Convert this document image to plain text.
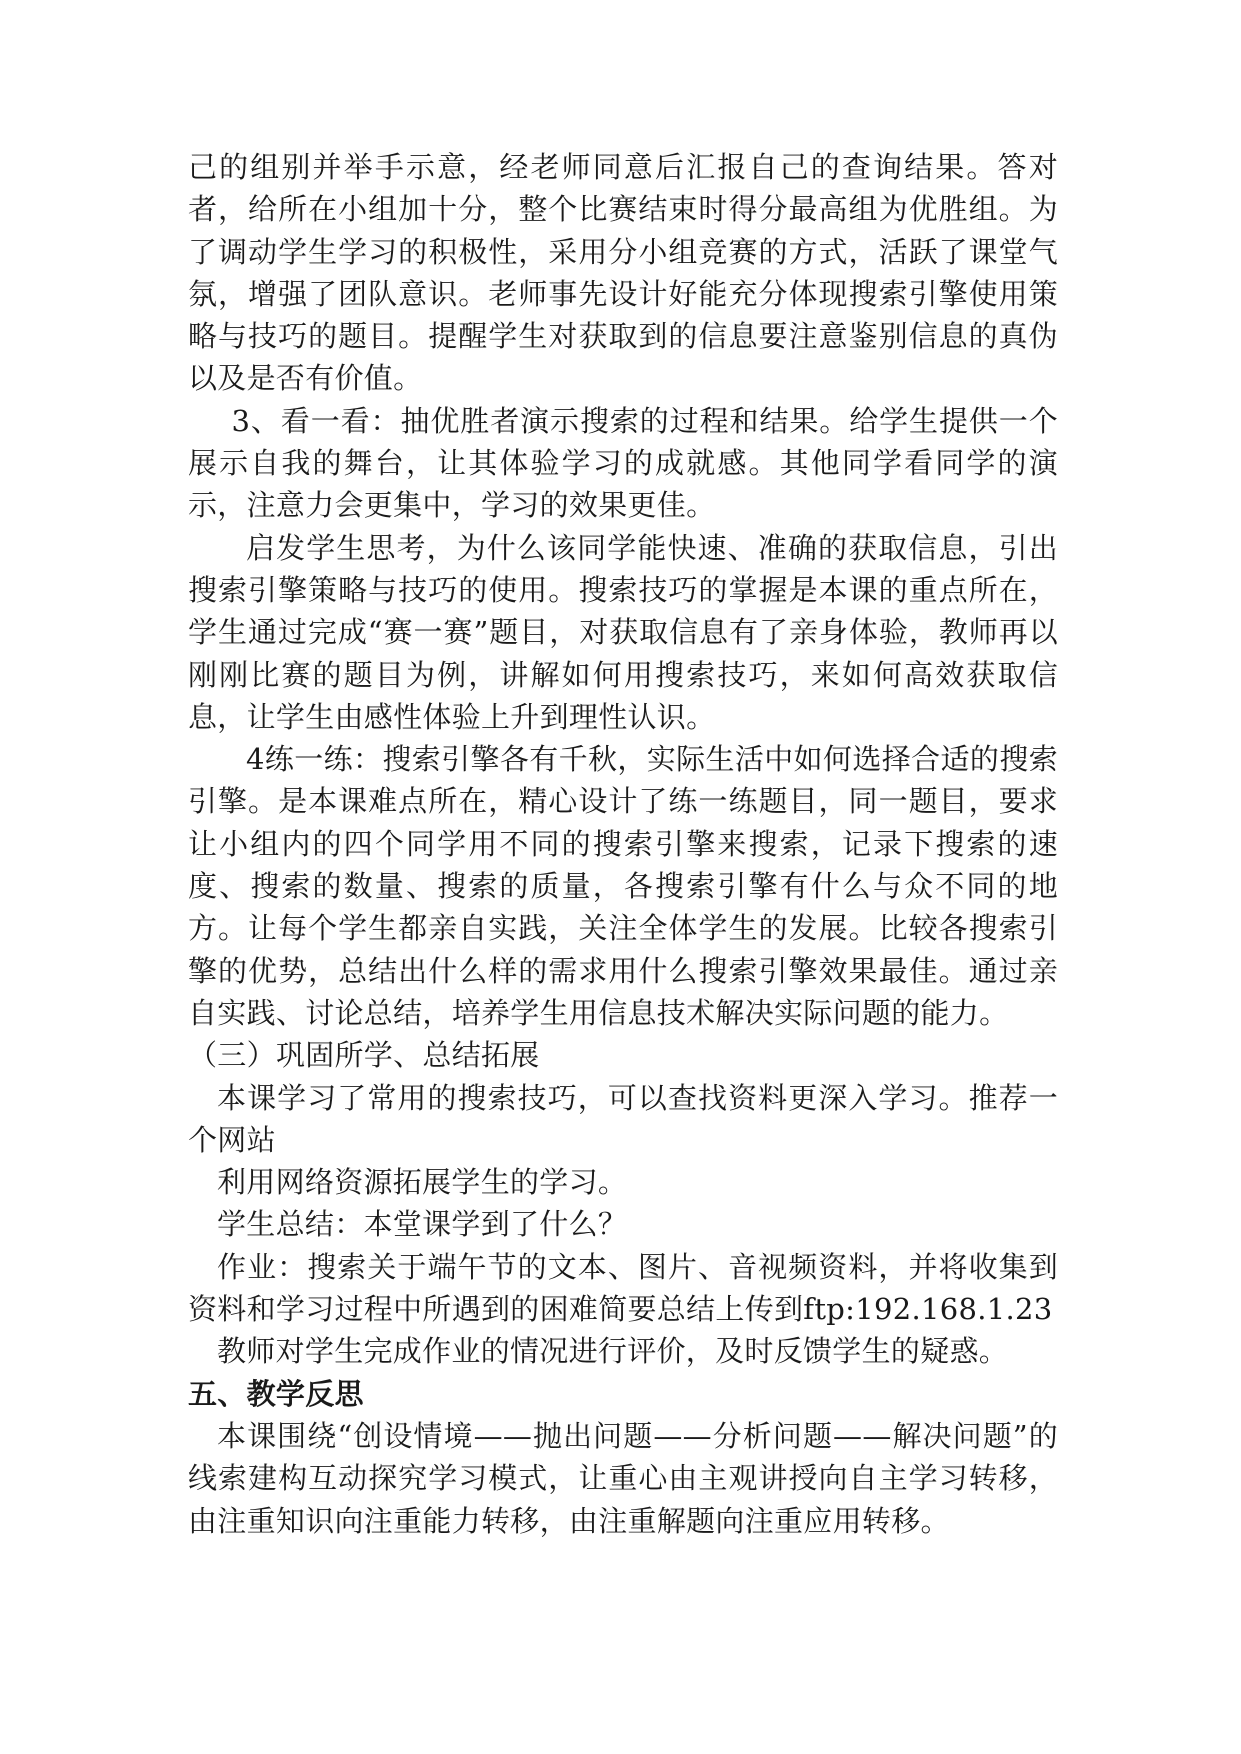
己的组别并举手示意，经老师同意后汇报自己的查询结果。答对者，给所在小组加十分，整个比赛结束时得分最高组为优胜组。为了调动学生学习的积极性，采用分小组竞赛的方式，活跃了课堂气氛，增强了团队意识。老师事先设计好能充分体现搜索引擎使用策略与技巧的题目。提醒学生对获取到的信息要注意鉴别信息的真伪以及是否有价值。

3、看一看：抽优胜者演示搜索的过程和结果。给学生提供一个展示自我的舞台，让其体验学习的成就感。其他同学看同学的演示，注意力会更集中，学习的效果更佳。

启发学生思考，为什么该同学能快速、准确的获取信息，引出搜索引擎策略与技巧的使用。搜索技巧的掌握是本课的重点所在，学生通过完成“赛一赛”题目，对获取信息有了亲身体验，教师再以刚刚比赛的题目为例，讲解如何用搜索技巧，来如何高效获取信息，让学生由感性体验上升到理性认识。

4练一练：搜索引擎各有千秋，实际生活中如何选择合适的搜索引擎。是本课难点所在，精心设计了练一练题目，同一题目，要求让小组内的四个同学用不同的搜索引擎来搜索，记录下搜索的速度、搜索的数量、搜索的质量，各搜索引擎有什么与众不同的地方。让每个学生都亲自实践，关注全体学生的发展。比较各搜索引擎的优势，总结出什么样的需求用什么搜索引擎效果最佳。通过亲自实践、讨论总结，培养学生用信息技术解决实际问题的能力。

（三）巩固所学、总结拓展

本课学习了常用的搜索技巧，可以查找资料更深入学习。推荐一个网站

利用网络资源拓展学生的学习。

学生总结：本堂课学到了什么？

作业：搜索关于端午节的文本、图片、音视频资料，并将收集到资料和学习过程中所遇到的困难简要总结上传到ftp:192.168.1.23

教师对学生完成作业的情况进行评价，及时反馈学生的疑惑。

五、教学反思

本课围绕“创设情境——抛出问题——分析问题——解决问题”的线索建构互动探究学习模式，让重心由主观讲授向自主学习转移，由注重知识向注重能力转移，由注重解题向注重应用转移。
